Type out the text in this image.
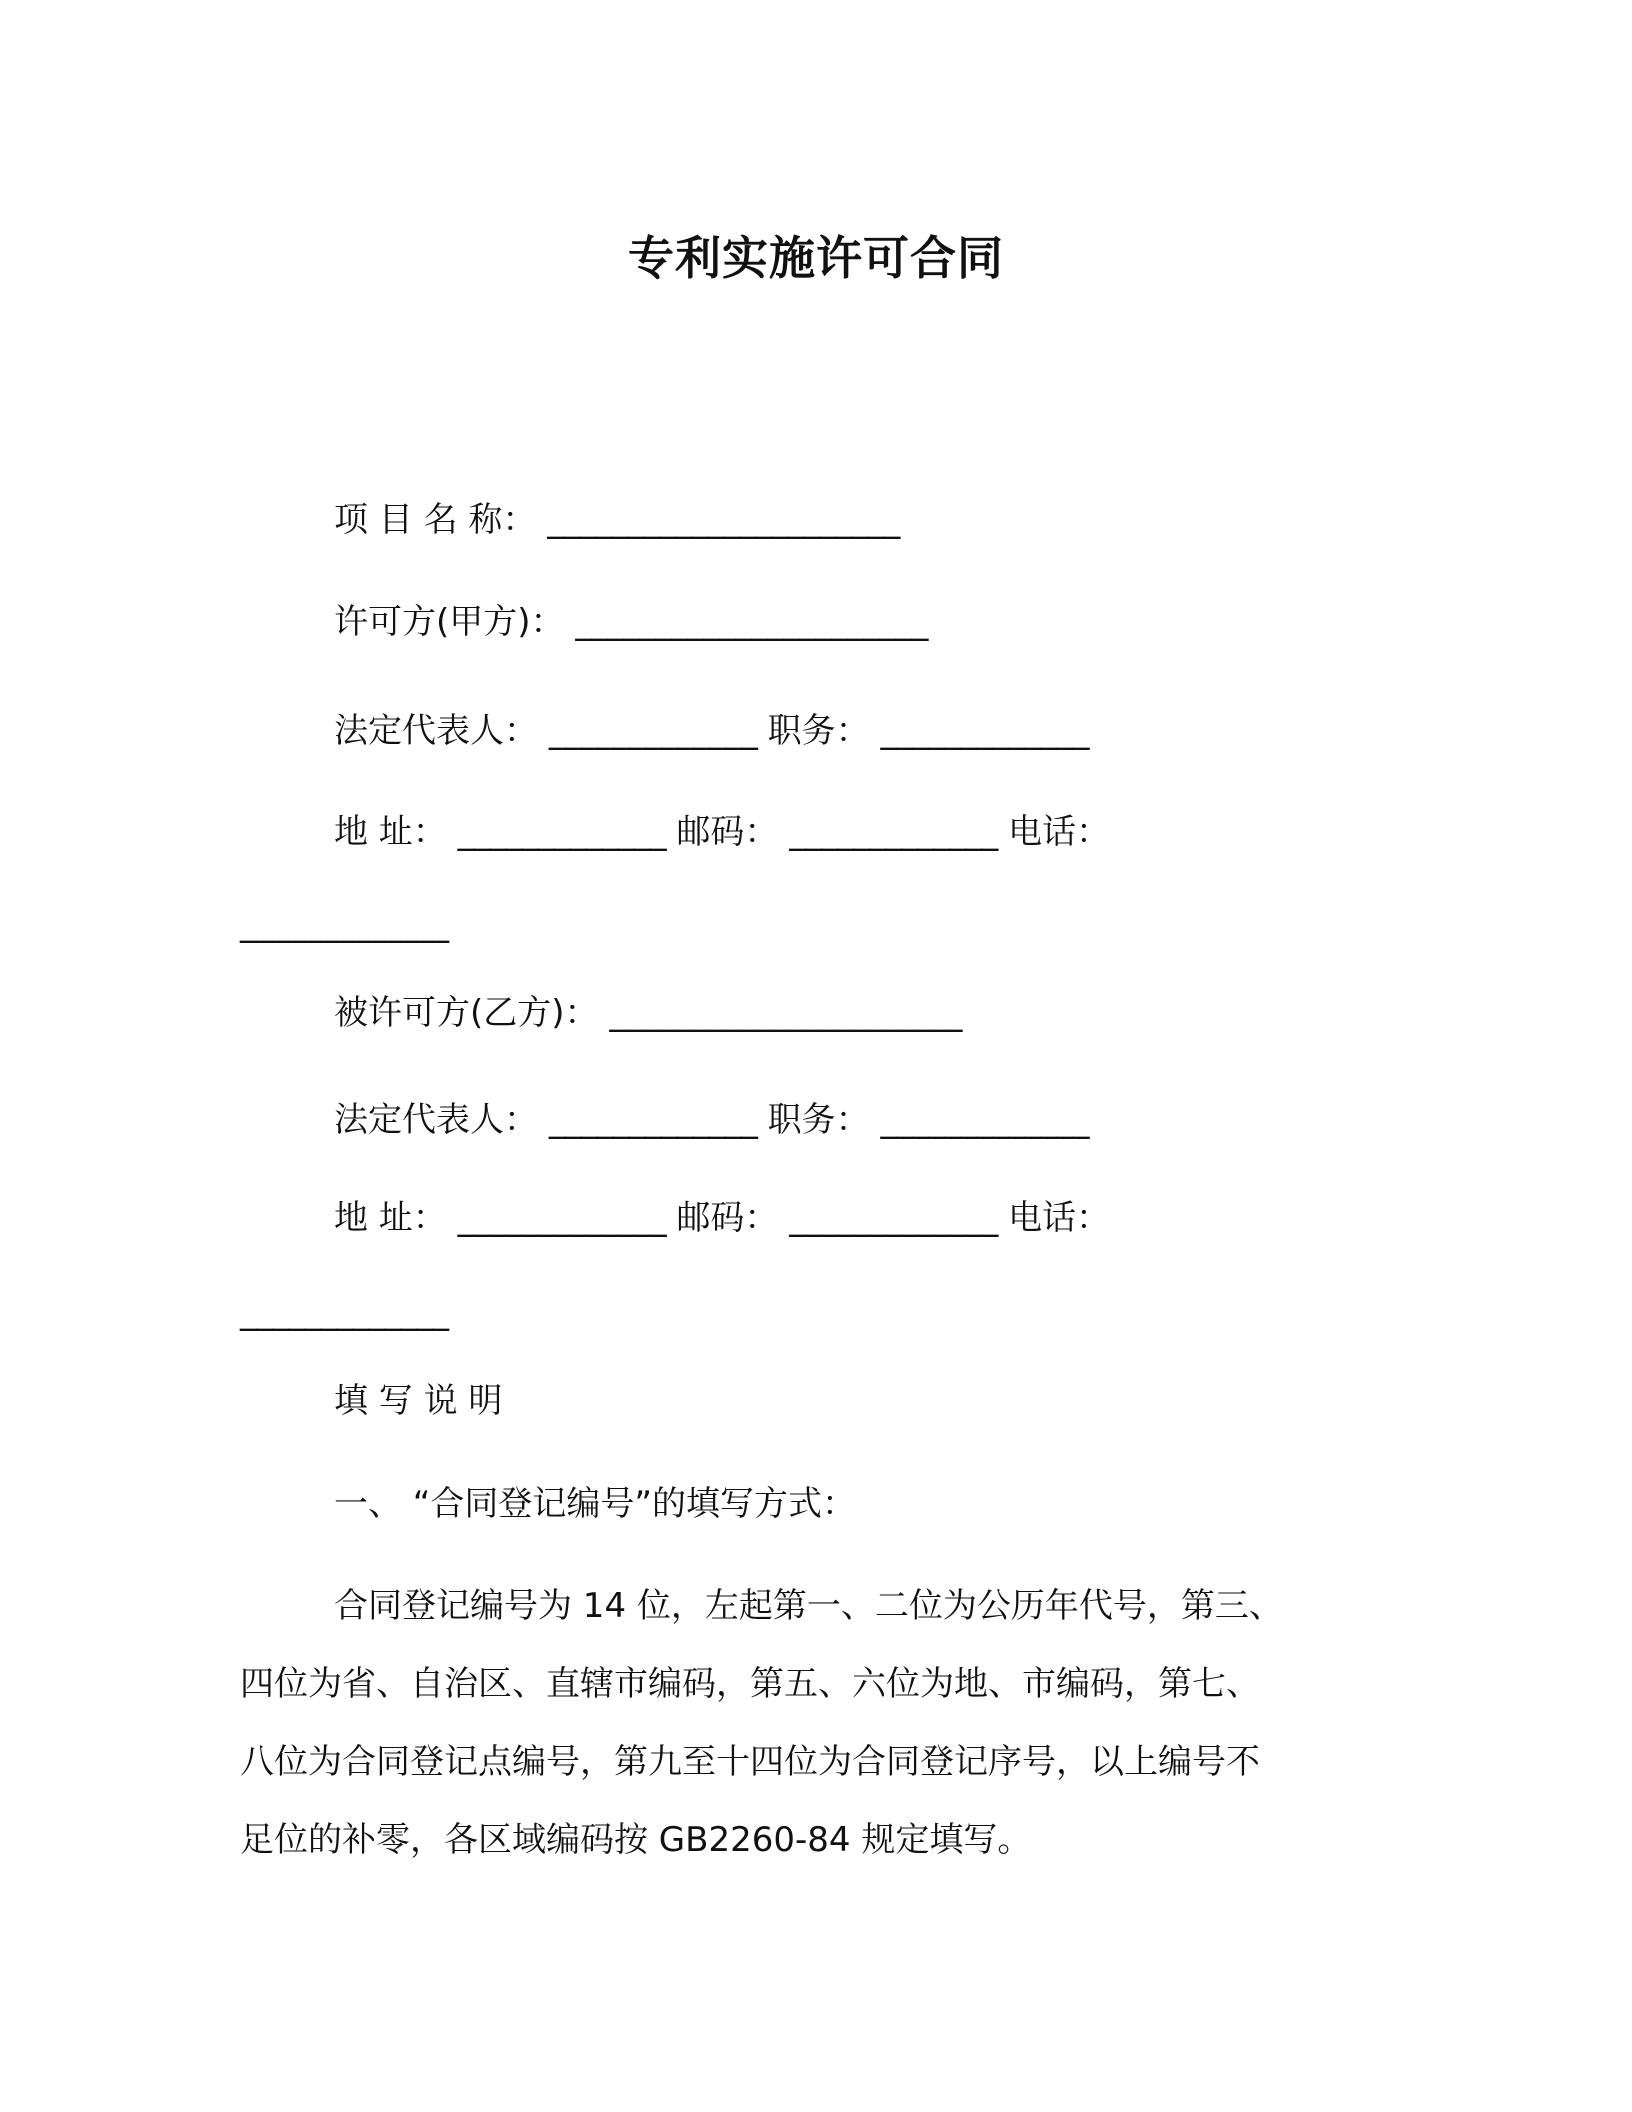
专利实施许可合同
项 目 名 称： ______________________
许可方(甲方)： ______________________
法定代表人： _____________ 职务： _____________
地 址： _____________ 邮码： _____________ 电话：
_____________
被许可方(乙方)： ______________________
法定代表人： _____________ 职务： _____________
地 址： _____________ 邮码： _____________ 电话：
_____________
填 写 说 明
一、 “合同登记编号”的填写方式：
合同登记编号为 14 位，左起第一、二位为公历年代号，第三、
四位为省、自治区、直辖市编码，第五、六位为地、市编码，第七、
八位为合同登记点编号，第九至十四位为合同登记序号，以上编号不
足位的补零，各区域编码按 GB2260-84 规定填写。
